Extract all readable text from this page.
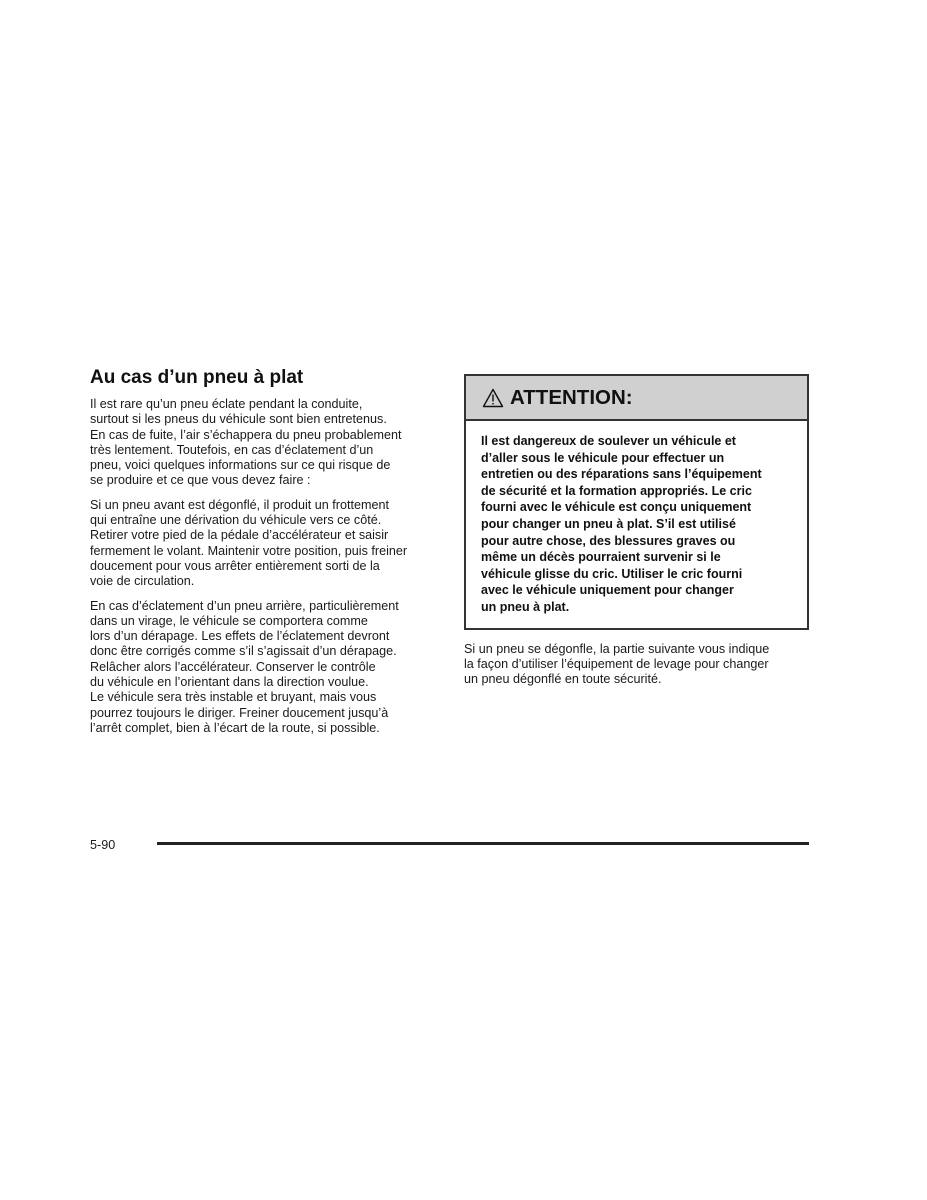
Au cas d’un pneu à plat

Il est rare qu’un pneu éclate pendant la conduite,
surtout si les pneus du véhicule sont bien entretenus.
En cas de fuite, l’air s’échappera du pneu probablement
très lentement. Toutefois, en cas d’éclatement d’un
pneu, voici quelques informations sur ce qui risque de
se produire et ce que vous devez faire :

Si un pneu avant est dégonflé, il produit un frottement
qui entraîne une dérivation du véhicule vers ce côté.
Retirer votre pied de la pédale d’accélérateur et saisir
fermement le volant. Maintenir votre position, puis freiner
doucement pour vous arrêter entièrement sorti de la
voie de circulation.

En cas d’éclatement d’un pneu arrière, particulièrement
dans un virage, le véhicule se comportera comme
lors d’un dérapage. Les effets de l’éclatement devront
donc être corrigés comme s’il s’agissait d’un dérapage.
Relâcher alors l’accélérateur. Conserver le contrôle
du véhicule en l’orientant dans la direction voulue.
Le véhicule sera très instable et bruyant, mais vous
pourrez toujours le diriger. Freiner doucement jusqu’à
l’arrêt complet, bien à l’écart de la route, si possible.

ATTENTION:
Il est dangereux de soulever un véhicule et
d’aller sous le véhicule pour effectuer un
entretien ou des réparations sans l’équipement
de sécurité et la formation appropriés. Le cric
fourni avec le véhicule est conçu uniquement
pour changer un pneu à plat. S’il est utilisé
pour autre chose, des blessures graves ou
même un décès pourraient survenir si le
véhicule glisse du cric. Utiliser le cric fourni
avec le véhicule uniquement pour changer
un pneu à plat.

Si un pneu se dégonfle, la partie suivante vous indique
la façon d’utiliser l’équipement de levage pour changer
un pneu dégonflé en toute sécurité.

5-90
